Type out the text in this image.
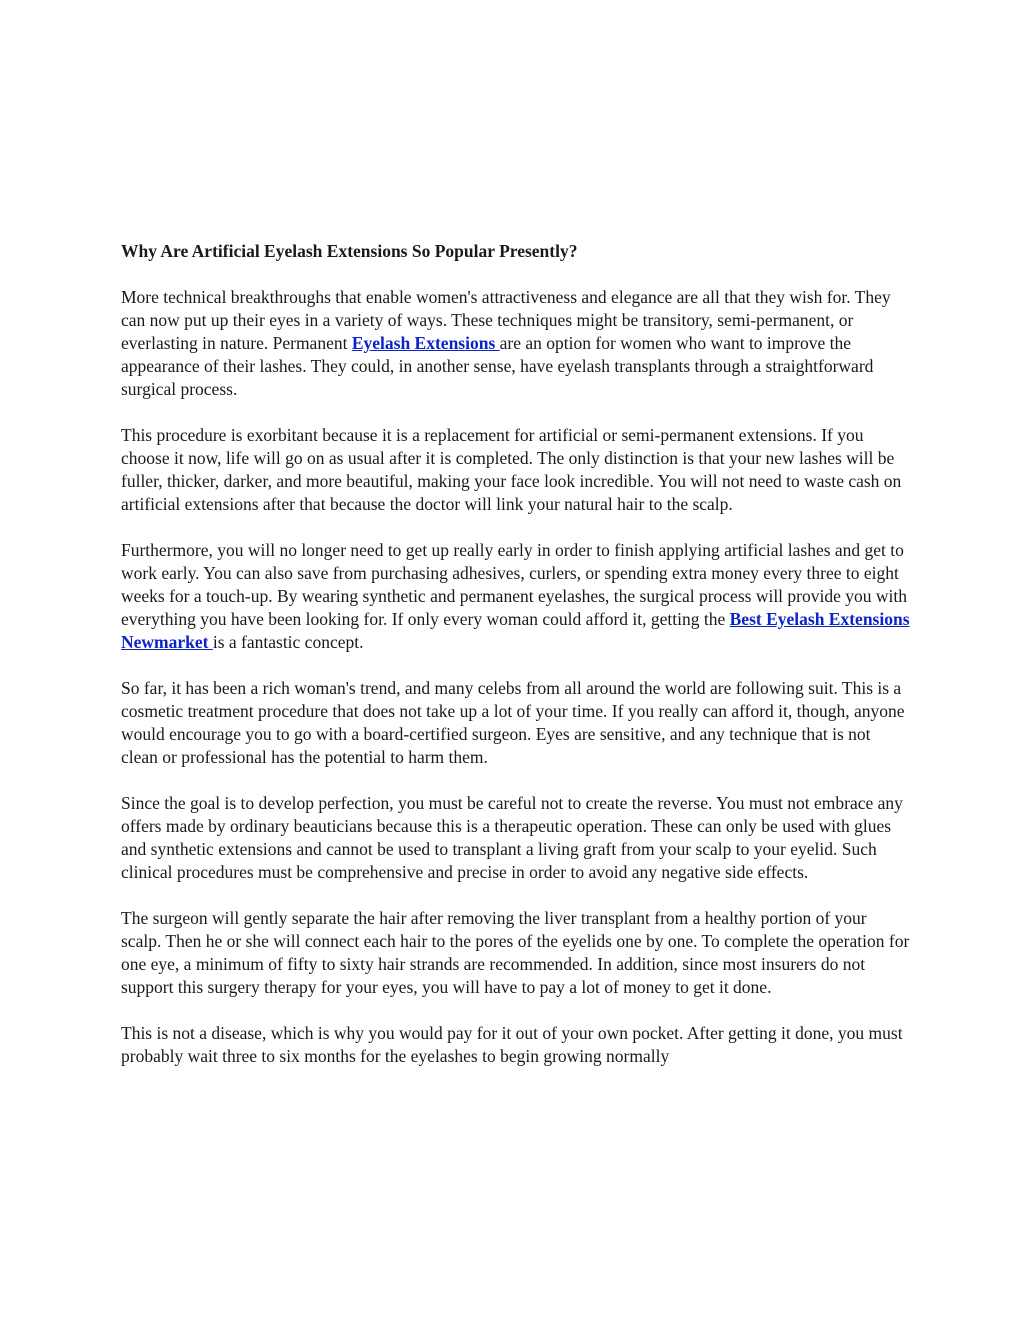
Why Are Artificial Eyelash Extensions So Popular Presently?

More technical breakthroughs that enable women's attractiveness and elegance are all that they wish for. They can now put up their eyes in a variety of ways. These techniques might be transitory, semi-permanent, or everlasting in nature. Permanent Eyelash Extensions are an option for women who want to improve the appearance of their lashes. They could, in another sense, have eyelash transplants through a straightforward surgical process.

This procedure is exorbitant because it is a replacement for artificial or semi-permanent extensions. If you choose it now, life will go on as usual after it is completed. The only distinction is that your new lashes will be fuller, thicker, darker, and more beautiful, making your face look incredible. You will not need to waste cash on artificial extensions after that because the doctor will link your natural hair to the scalp.

Furthermore, you will no longer need to get up really early in order to finish applying artificial lashes and get to work early. You can also save from purchasing adhesives, curlers, or spending extra money every three to eight weeks for a touch-up. By wearing synthetic and permanent eyelashes, the surgical process will provide you with everything you have been looking for. If only every woman could afford it, getting the Best Eyelash Extensions Newmarket is a fantastic concept.

So far, it has been a rich woman's trend, and many celebs from all around the world are following suit. This is a cosmetic treatment procedure that does not take up a lot of your time. If you really can afford it, though, anyone would encourage you to go with a board-certified surgeon. Eyes are sensitive, and any technique that is not clean or professional has the potential to harm them.

Since the goal is to develop perfection, you must be careful not to create the reverse. You must not embrace any offers made by ordinary beauticians because this is a therapeutic operation. These can only be used with glues and synthetic extensions and cannot be used to transplant a living graft from your scalp to your eyelid. Such clinical procedures must be comprehensive and precise in order to avoid any negative side effects.

The surgeon will gently separate the hair after removing the liver transplant from a healthy portion of your scalp. Then he or she will connect each hair to the pores of the eyelids one by one. To complete the operation for one eye, a minimum of fifty to sixty hair strands are recommended. In addition, since most insurers do not support this surgery therapy for your eyes, you will have to pay a lot of money to get it done.

This is not a disease, which is why you would pay for it out of your own pocket. After getting it done, you must probably wait three to six months for the eyelashes to begin growing normally
